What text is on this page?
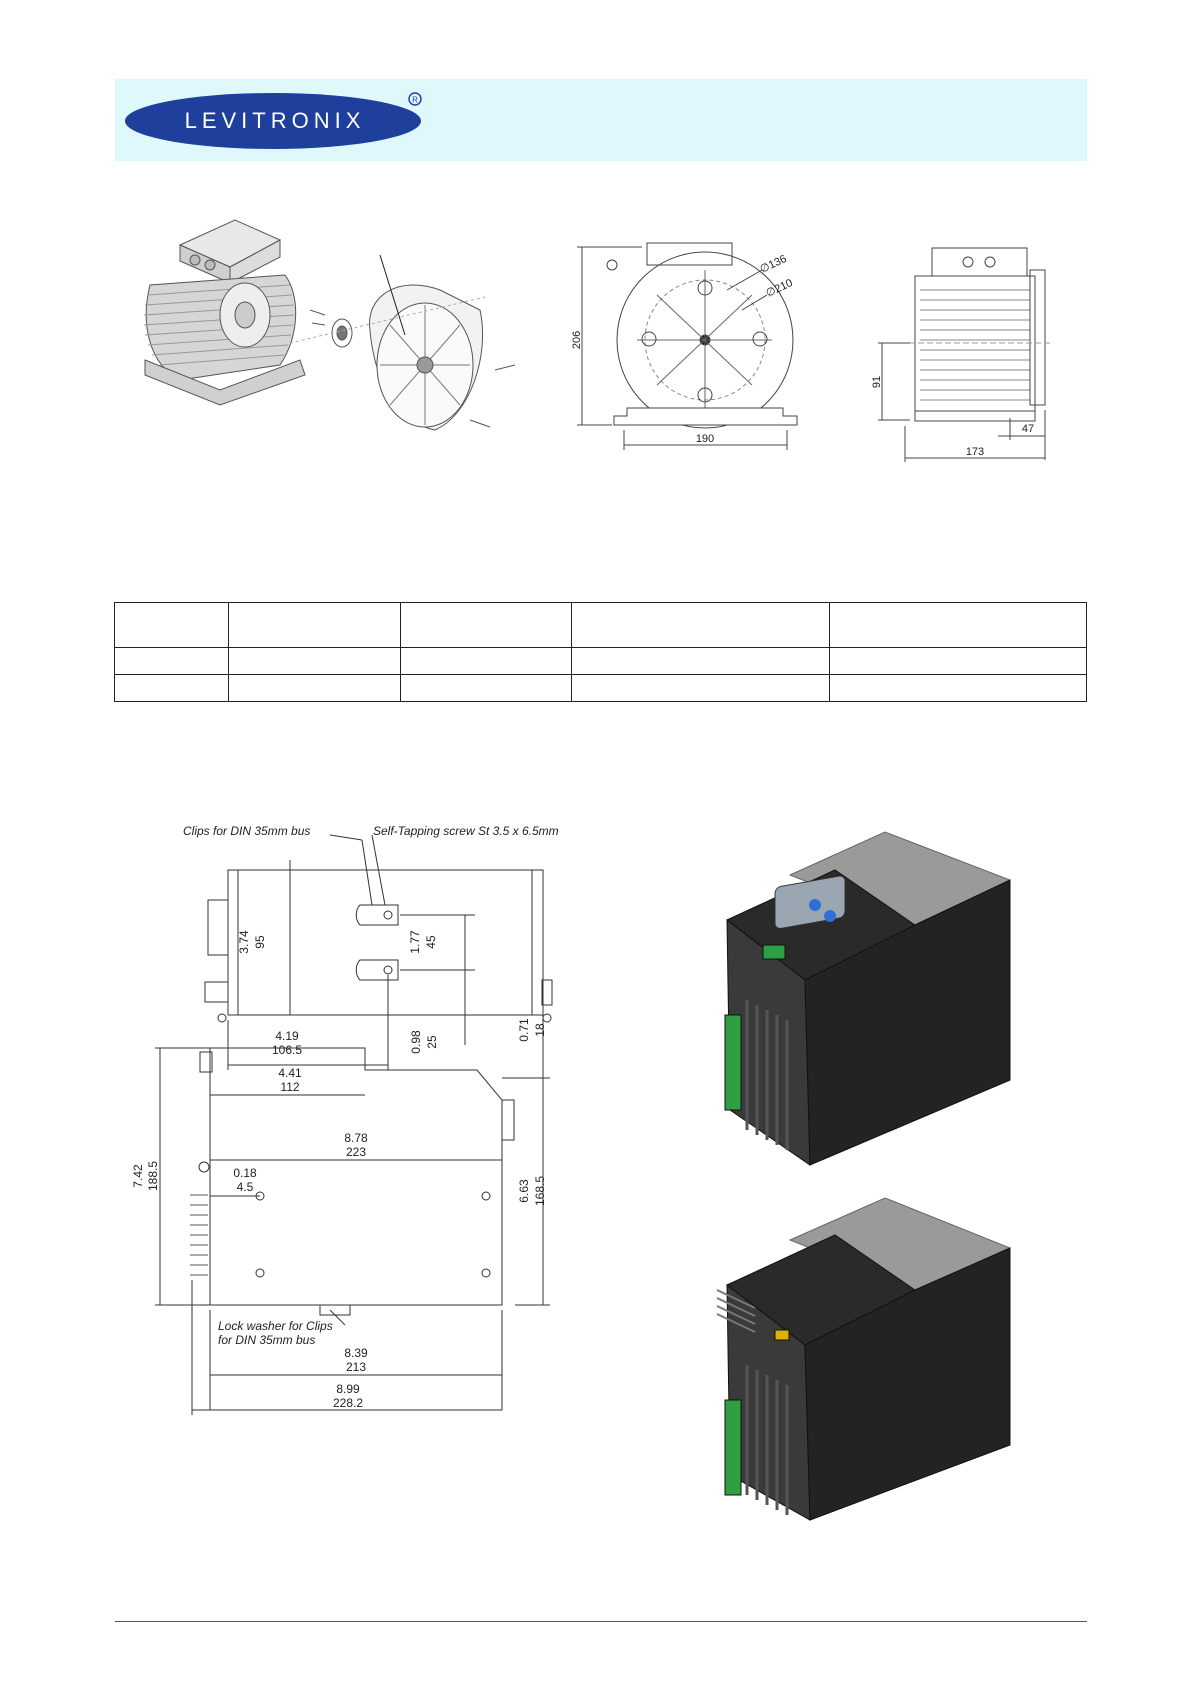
LEVITRONIX
R
206
190
∅136
∅210
91
47
173

Clips for DIN 35mm bus	Self-Tapping screw St 3.5 x 6.5mm
Lock washer for Clips
for DIN 35mm bus
3.74 95	1.77 45
4.19
106.5	0.98 25
0.71 18
4.41
112
8.78
223
0.18
4.5
7.42 188.5	6.63 168.5
8.39
213
8.99
228.2
